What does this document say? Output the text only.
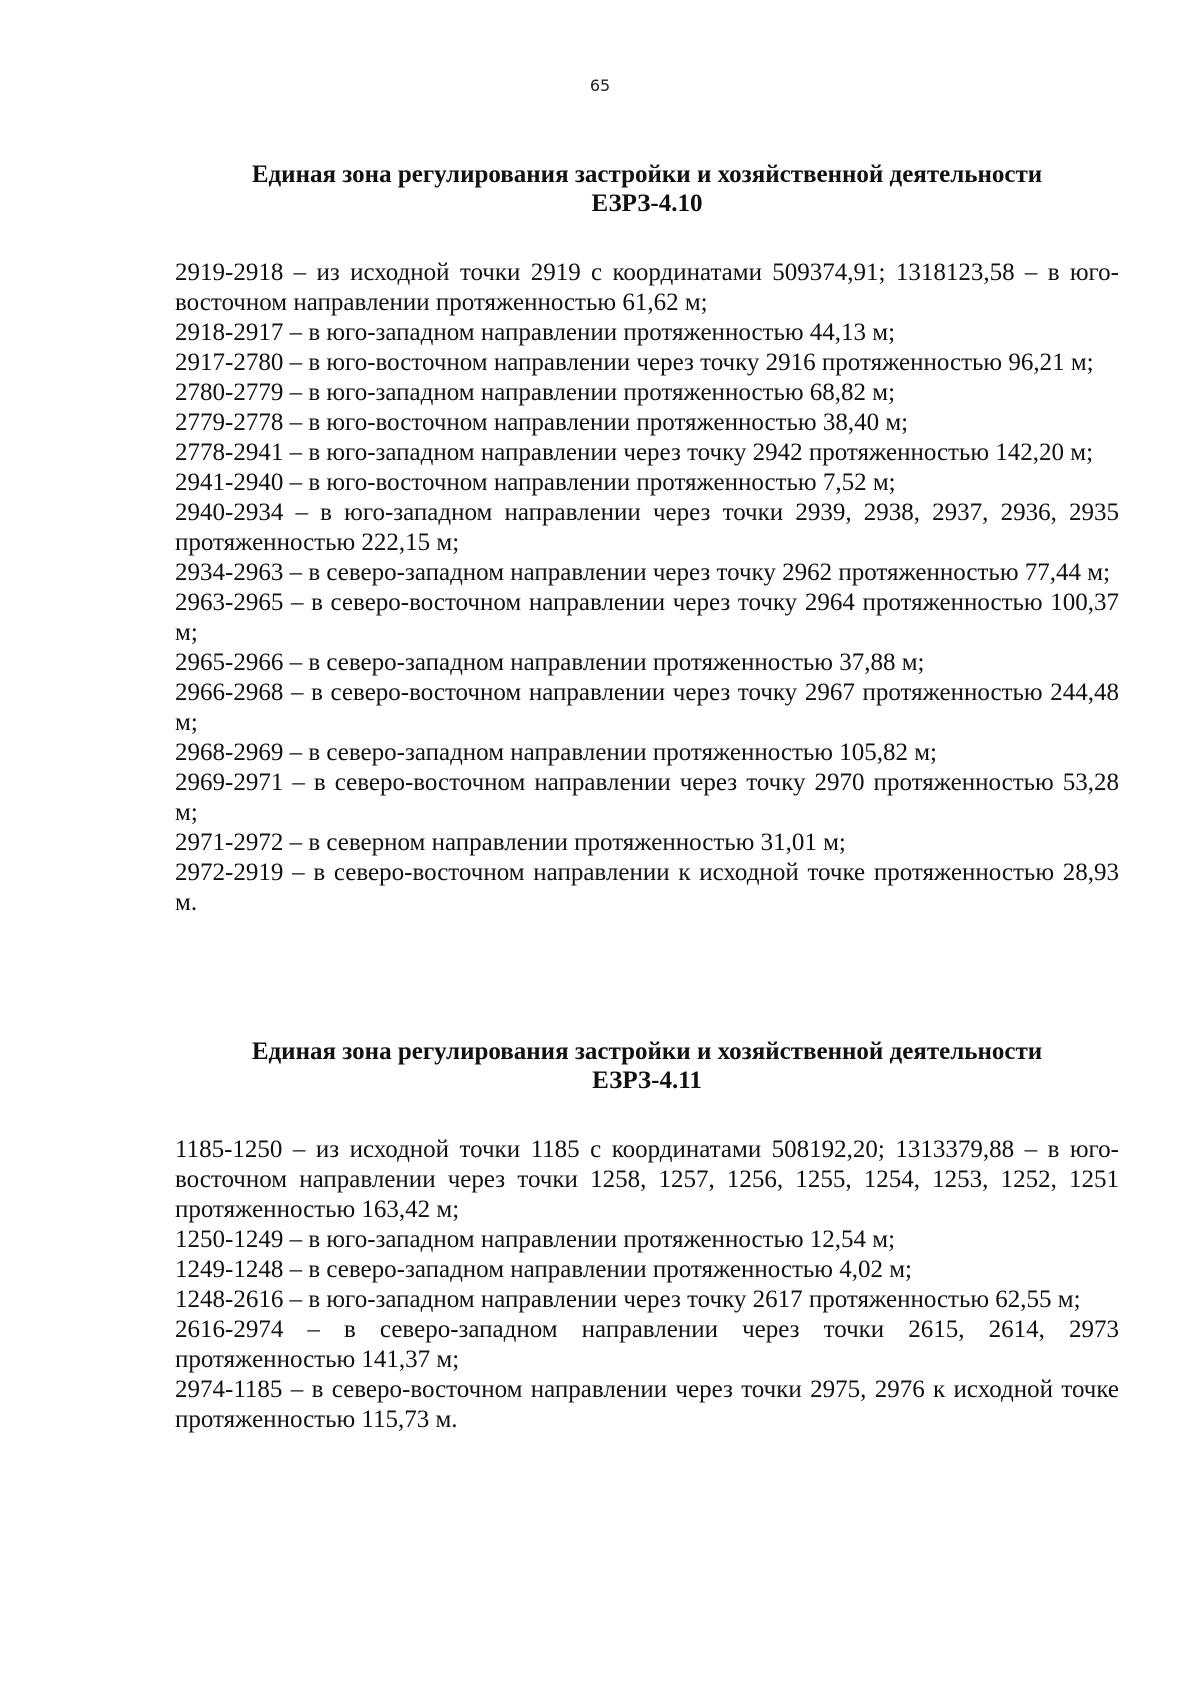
65
Единая зона регулирования застройки и хозяйственной деятельности
ЕЗРЗ-4.10

2919-2918 – из исходной точки 2919 с координатами 509374,91; 1318123,58 – в юго-восточном направлении протяженностью 61,62 м;

2918-2917 – в юго-западном направлении протяженностью 44,13 м;

2917-2780 – в юго-восточном направлении через точку 2916 протяженностью 96,21 м;

2780-2779 – в юго-западном направлении протяженностью 68,82 м;

2779-2778 – в юго-восточном направлении протяженностью 38,40 м;

2778-2941 – в юго-западном направлении через точку 2942 протяженностью 142,20 м;

2941-2940 – в юго-восточном направлении протяженностью 7,52 м;

2940-2934 – в юго-западном направлении через точки 2939, 2938, 2937, 2936, 2935 протяженностью 222,15 м;

2934-2963 – в северо-западном направлении через точку 2962 протяженностью 77,44 м;

2963-2965 – в северо-восточном направлении через точку 2964 протяженностью 100,37 м;

2965-2966 – в северо-западном направлении протяженностью 37,88 м;

2966-2968 – в северо-восточном направлении через точку 2967 протяженностью 244,48 м;

2968-2969 – в северо-западном направлении протяженностью 105,82 м;

2969-2971 – в северо-восточном направлении через точку 2970 протяженностью 53,28 м;

2971-2972 – в северном направлении протяженностью 31,01 м;

2972-2919 – в северо-восточном направлении к исходной точке протяженностью 28,93 м.

Единая зона регулирования застройки и хозяйственной деятельности
ЕЗРЗ-4.11

1185-1250 – из исходной точки 1185 с координатами 508192,20; 1313379,88 – в юго-восточном направлении через точки 1258, 1257, 1256, 1255, 1254, 1253, 1252, 1251 протяженностью 163,42 м;

1250-1249 – в юго-западном направлении протяженностью 12,54 м;

1249-1248 – в северо-западном направлении протяженностью 4,02 м;

1248-2616 – в юго-западном направлении через точку 2617 протяженностью 62,55 м;

2616-2974 – в северо-западном направлении через точки 2615, 2614, 2973 протяженностью 141,37 м;

2974-1185 – в северо-восточном направлении через точки 2975, 2976 к исходной точке протяженностью 115,73 м.
